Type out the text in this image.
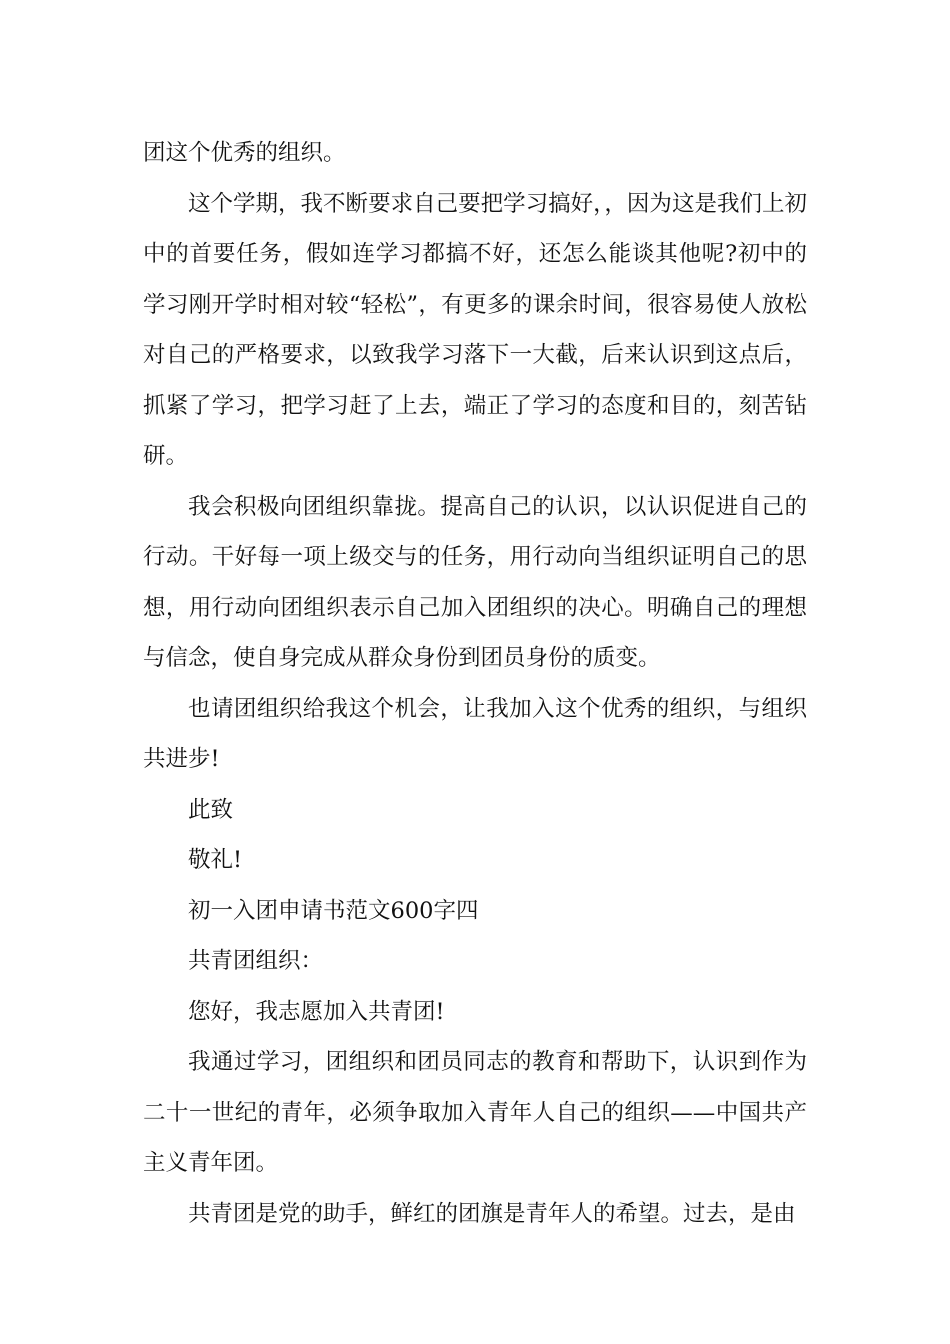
团这个优秀的组织。

这个学期，我不断要求自己要把学习搞好，，因为这是我们上初中的首要任务，假如连学习都搞不好，还怎么能谈其他呢?初中的学习刚开学时相对较“轻松”，有更多的课余时间，很容易使人放松对自己的严格要求，以致我学习落下一大截，后来认识到这点后，抓紧了学习，把学习赶了上去，端正了学习的态度和目的，刻苦钻研。

我会积极向团组织靠拢。提高自己的认识，以认识促进自己的行动。干好每一项上级交与的任务，用行动向当组织证明自己的思想，用行动向团组织表示自己加入团组织的决心。明确自己的理想与信念，使自身完成从群众身份到团员身份的质变。

也请团组织给我这个机会，让我加入这个优秀的组织，与组织共进步!

此致

敬礼!

初一入团申请书范文600字四

共青团组织：

您好，我志愿加入共青团!

我通过学习，团组织和团员同志的教育和帮助下，认识到作为二十一世纪的青年，必须争取加入青年人自己的组织——中国共产主义青年团。

共青团是党的助手，鲜红的团旗是青年人的希望。过去，是由
